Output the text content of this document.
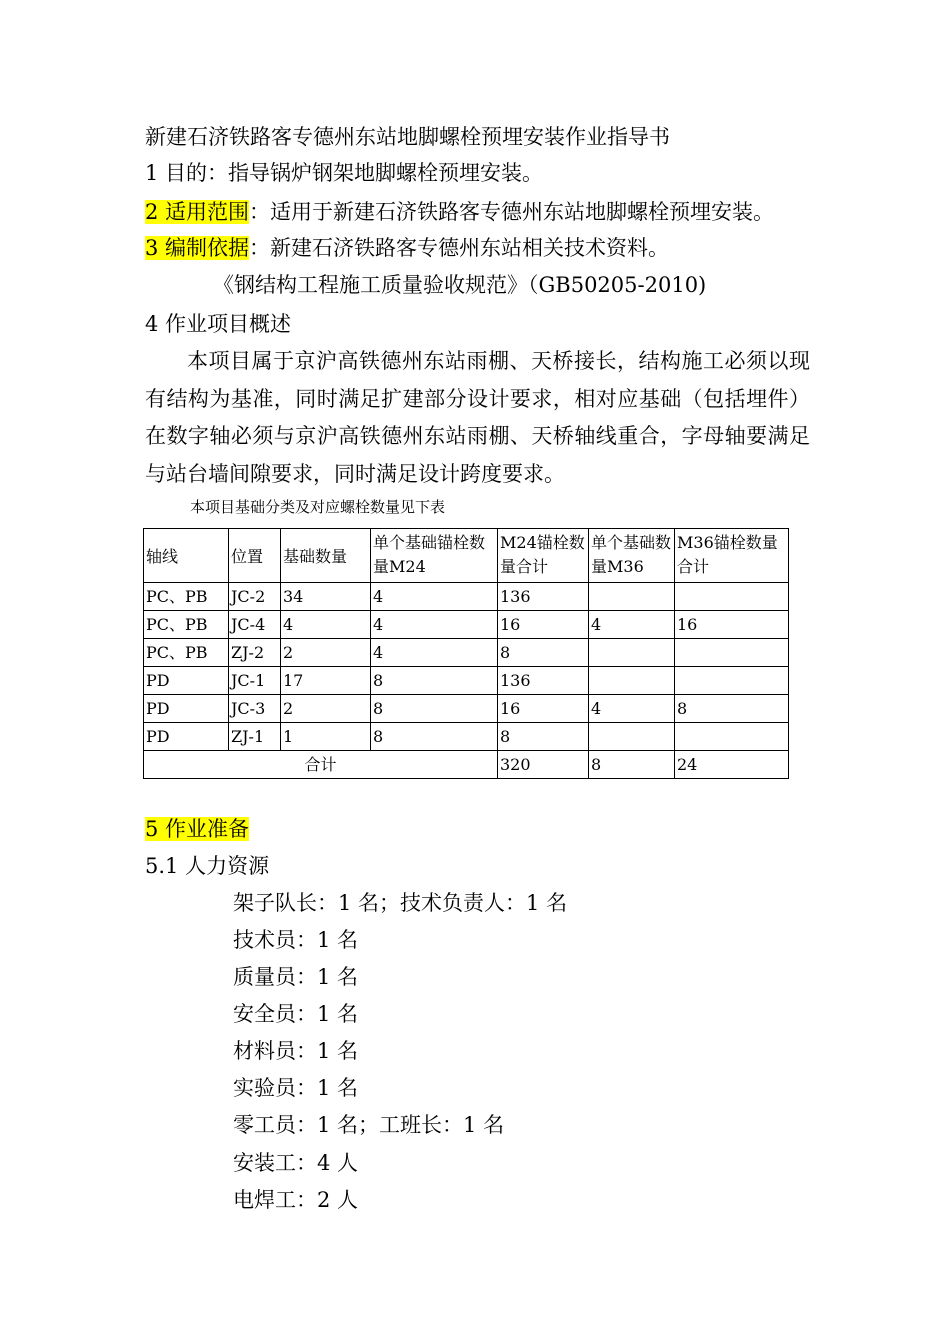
新建石济铁路客专德州东站地脚螺栓预埋安装作业指导书
1 目的：指导锅炉钢架地脚螺栓预埋安装。
2 适用范围：适用于新建石济铁路客专德州东站地脚螺栓预埋安装。
3 编制依据：新建石济铁路客专德州东站相关技术资料。
《钢结构工程施工质量验收规范》（GB50205-2010)
4 作业项目概述
本项目属于京沪高铁德州东站雨棚、天桥接长，结构施工必须以现有结构为基准，同时满足扩建部分设计要求，相对应基础（包括埋件）在数字轴必须与京沪高铁德州东站雨棚、天桥轴线重合，字母轴要满足与站台墙间隙要求，同时满足设计跨度要求。
本项目基础分类及对应螺栓数量见下表
轴线	位置	基础数量	单个基础锚栓数量M24	M24锚栓数量合计	单个基础数量M36	M36锚栓数量合计
PC、PB	JC-2	34	4	136		
PC、PB	JC-4	4	4	16	4	16
PC、PB	ZJ-2	2	4	8		
PD	JC-1	17	8	136		
PD	JC-3	2	8	16	4	8
PD	ZJ-1	1	8	8		
合计				320	8	24
5 作业准备
5.1 人力资源
架子队长：1 名；技术负责人：1 名
技术员：1 名
质量员：1 名
安全员：1 名
材料员：1 名
实验员：1 名
零工员：1 名；工班长：1 名
安装工：4 人
电焊工：2 人
